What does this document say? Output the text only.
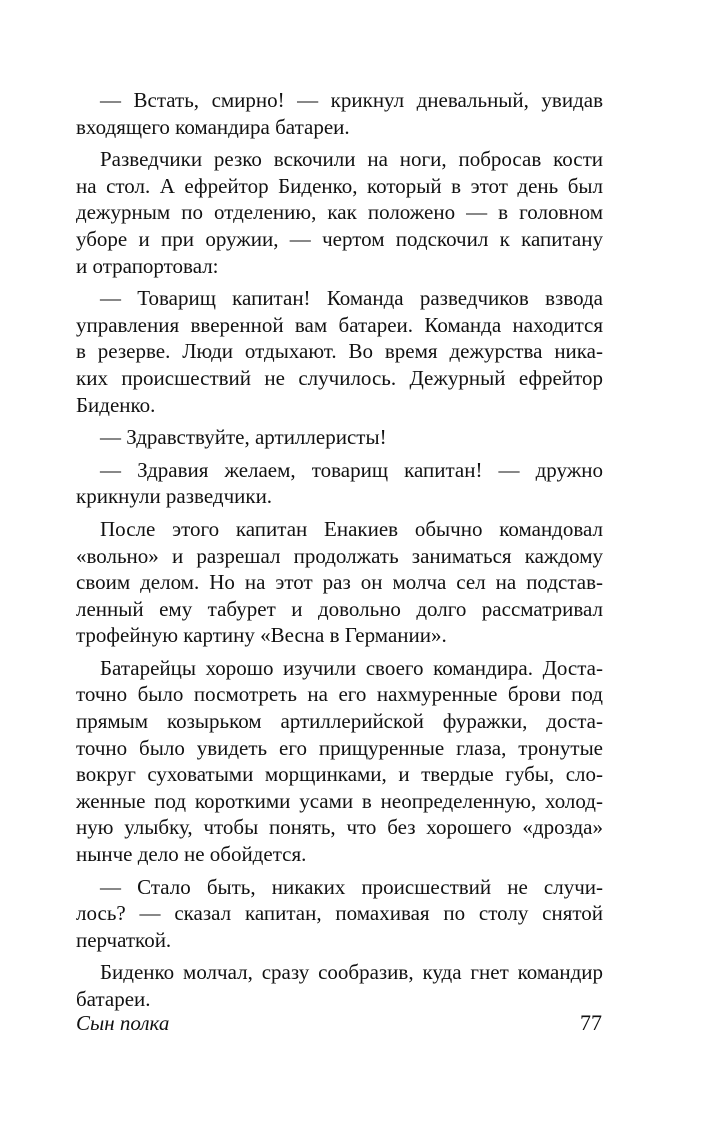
— Встать, смирно! — крикнул дневальный, увидав
входящего командира батареи.
Разведчики резко вскочили на ноги, побросав кости
на стол. А ефрейтор Биденко, который в этот день был
дежурным по отделению, как положено — в головном
уборе и при оружии, — чертом подскочил к капитану
и отрапортовал:
— Товарищ капитан! Команда разведчиков взвода
управления вверенной вам батареи. Команда находится
в резерве. Люди отдыхают. Во время дежурства ника-
ких происшествий не случилось. Дежурный ефрейтор
Биденко.
— Здравствуйте, артиллеристы!
— Здравия желаем, товарищ капитан! — дружно
крикнули разведчики.
После этого капитан Енакиев обычно командовал
«вольно» и разрешал продолжать заниматься каждому
своим делом. Но на этот раз он молча сел на подстав-
ленный ему табурет и довольно долго рассматривал
трофейную картину «Весна в Германии».
Батарейцы хорошо изучили своего командира. Доста-
точно было посмотреть на его нахмуренные брови под
прямым козырьком артиллерийской фуражки, доста-
точно было увидеть его прищуренные глаза, тронутые
вокруг суховатыми морщинками, и твердые губы, сло-
женные под короткими усами в неопределенную, холод-
ную улыбку, чтобы понять, что без хорошего «дрозда»
нынче дело не обойдется.
— Стало быть, никаких происшествий не случи-
лось? — сказал капитан, помахивая по столу снятой
перчаткой.
Биденко молчал, сразу сообразив, куда гнет командир
батареи.
Сын полка	77
